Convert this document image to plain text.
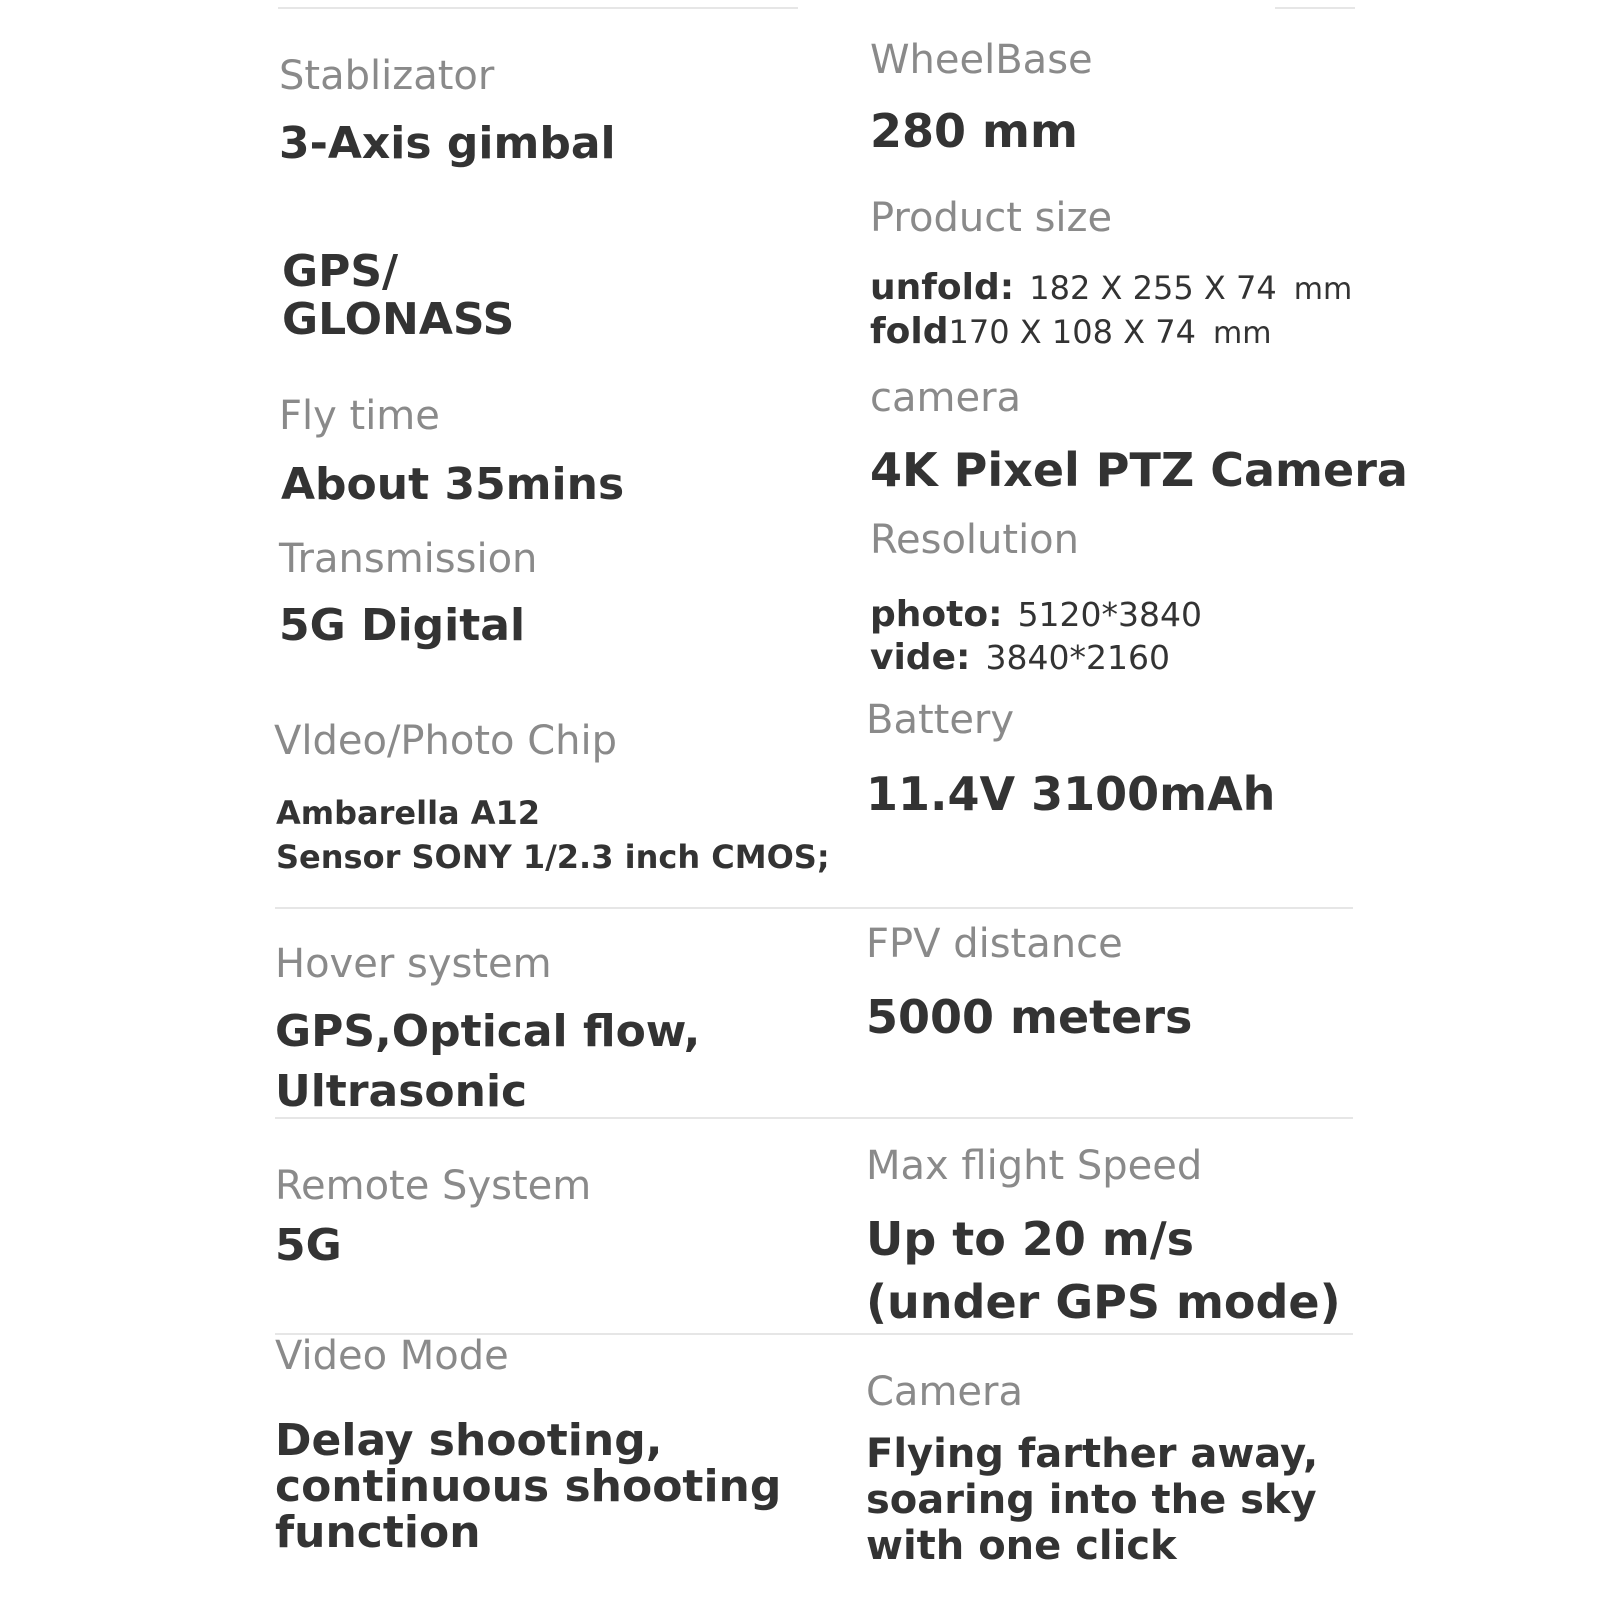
Stablizator
3-Axis gimbal
GPS/
GLONASS
Fly time
About 35mins
Transmission
5G Digital
Vldeo/Photo Chip
Ambarella A12
Sensor SONY 1/2.3 inch CMOS;
Hover system
GPS,Optical flow,
Ultrasonic
Remote System
5G
Video Mode
Delay shooting,
continuous shooting
function
WheelBase
280 mm
Product size
unfold: 182 X 255 X 74 mm
fold170 X 108 X 74 mm
camera
4K Pixel PTZ Camera
Resolution
photo: 5120*3840
vide: 3840*2160
Battery
11.4V 3100mAh
FPV distance
5000 meters
Max flight Speed
Up to 20 m/s
(under GPS mode)
Camera
Flying farther away,
soaring into the sky
with one click
